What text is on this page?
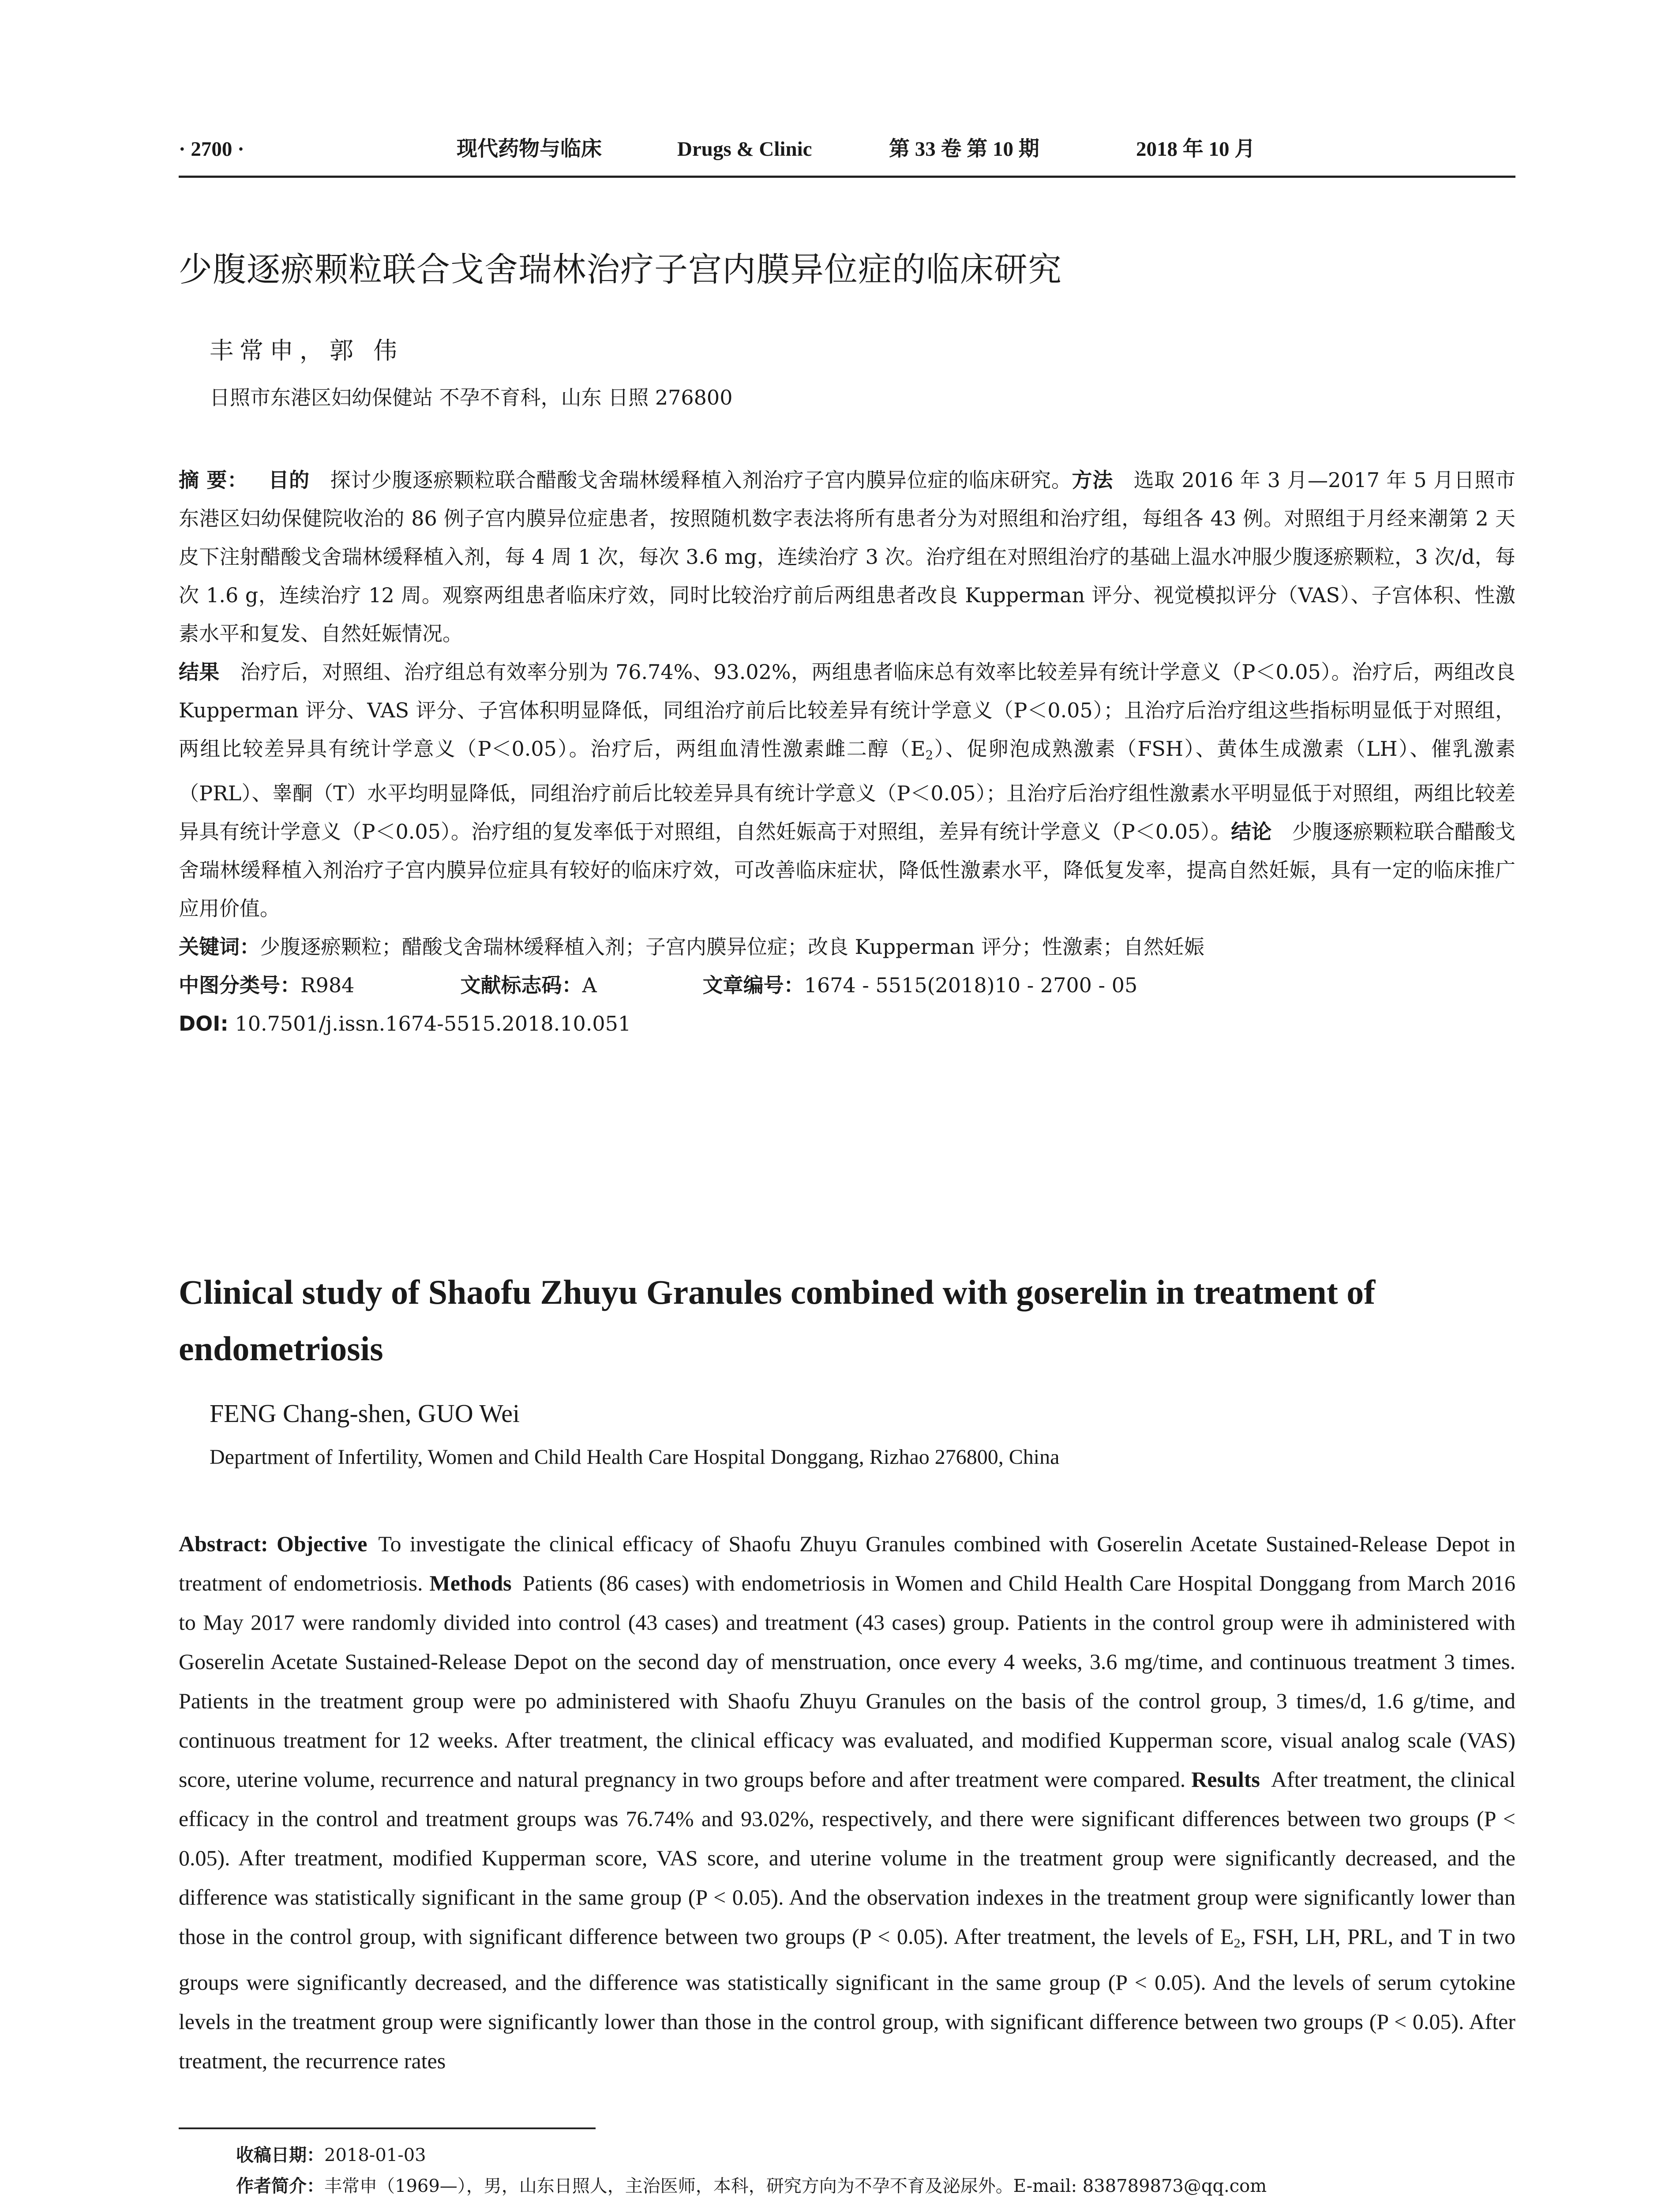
· 2700 ·	现代药物与临床	Drugs & Clinic	第 33 卷 第 10 期	2018 年 10 月
少腹逐瘀颗粒联合戈舍瑞林治疗子宫内膜异位症的临床研究
丰常申，郭 伟
日照市东港区妇幼保健站 不孕不育科，山东 日照 276800
摘 要：  目的  探讨少腹逐瘀颗粒联合醋酸戈舍瑞林缓释植入剂治疗子宫内膜异位症的临床研究。方法  选取 2016 年 3 月—2017 年 5 月日照市东港区妇幼保健院收治的 86 例子宫内膜异位症患者，按照随机数字表法将所有患者分为对照组和治疗组，每组各 43 例。对照组于月经来潮第 2 天皮下注射醋酸戈舍瑞林缓释植入剂，每 4 周 1 次，每次 3.6 mg，连续治疗 3 次。治疗组在对照组治疗的基础上温水冲服少腹逐瘀颗粒，3 次/d，每次 1.6 g，连续治疗 12 周。观察两组患者临床疗效，同时比较治疗前后两组患者改良 Kupperman 评分、视觉模拟评分（VAS）、子宫体积、性激素水平和复发、自然妊娠情况。
结果  治疗后，对照组、治疗组总有效率分别为 76.74%、93.02%，两组患者临床总有效率比较差异有统计学意义（P＜0.05）。治疗后，两组改良 Kupperman 评分、VAS 评分、子宫体积明显降低，同组治疗前后比较差异有统计学意义（P＜0.05）；且治疗后治疗组这些指标明显低于对照组，两组比较差异具有统计学意义（P＜0.05）。治疗后，两组血清性激素雌二醇$(E_2)$、促卵泡成熟激素（FSH）、黄体生成激素（LH）、催乳激素（PRL）、睾酮（T）水平均明显降低，同组治疗前后比较差异具有统计学意义（P＜0.05）；且治疗后治疗组性激素水平明显低于对照组，两组比较差异具有统计学意义（P＜0.05）。治疗组的复发率低于对照组，自然妊娠高于对照组，差异有统计学意义（P＜0.05）。结论  少腹逐瘀颗粒联合醋酸戈舍瑞林缓释植入剂治疗子宫内膜异位症具有较好的临床疗效，可改善临床症状，降低性激素水平，降低复发率，提高自然妊娠，具有一定的临床推广应用价值。
关键词：少腹逐瘀颗粒；醋酸戈舍瑞林缓释植入剂；子宫内膜异位症；改良 Kupperman 评分；性激素；自然妊娠
中图分类号：R984	文献标志码：A	文章编号：1674 - 5515(2018)10 - 2700 - 05
DOI: 10.7501/j.issn.1674-5515.2018.10.051
Clinical study of Shaofu Zhuyu Granules combined with goserelin in treatment of endometriosis
FENG Chang-shen, GUO Wei
Department of Infertility, Women and Child Health Care Hospital Donggang, Rizhao 276800, China
Abstract: Objective  To investigate the clinical efficacy of Shaofu Zhuyu Granules combined with Goserelin Acetate Sustained-Release Depot in treatment of endometriosis. Methods  Patients (86 cases) with endometriosis in Women and Child Health Care Hospital Donggang from March 2016 to May 2017 were randomly divided into control (43 cases) and treatment (43 cases) group. Patients in the control group were ih administered with Goserelin Acetate Sustained-Release Depot on the second day of menstruation, once every 4 weeks, 3.6 mg/time, and continuous treatment 3 times. Patients in the treatment group were po administered with Shaofu Zhuyu Granules on the basis of the control group, 3 times/d, 1.6 g/time, and continuous treatment for 12 weeks. After treatment, the clinical efficacy was evaluated, and modified Kupperman score, visual analog scale (VAS) score, uterine volume, recurrence and natural pregnancy in two groups before and after treatment were compared. Results  After treatment, the clinical efficacy in the control and treatment groups was 76.74% and 93.02%, respectively, and there were significant differences between two groups (P < 0.05). After treatment, modified Kupperman score, VAS score, and uterine volume in the treatment group were significantly decreased, and the difference was statistically significant in the same group (P < 0.05). And the observation indexes in the treatment group were significantly lower than those in the control group, with significant difference between two groups (P < 0.05). After treatment, the levels of $E_2$, FSH, LH, PRL, and T in two groups were significantly decreased, and the difference was statistically significant in the same group (P < 0.05). And the levels of serum cytokine levels in the treatment group were significantly lower than those in the control group, with significant difference between two groups (P < 0.05). After treatment, the recurrence rates
收稿日期：2018-01-03
作者简介：丰常申（1969—），男，山东日照人，主治医师，本科，研究方向为不孕不育及泌尿外。E-mail: 838789873@qq.com
